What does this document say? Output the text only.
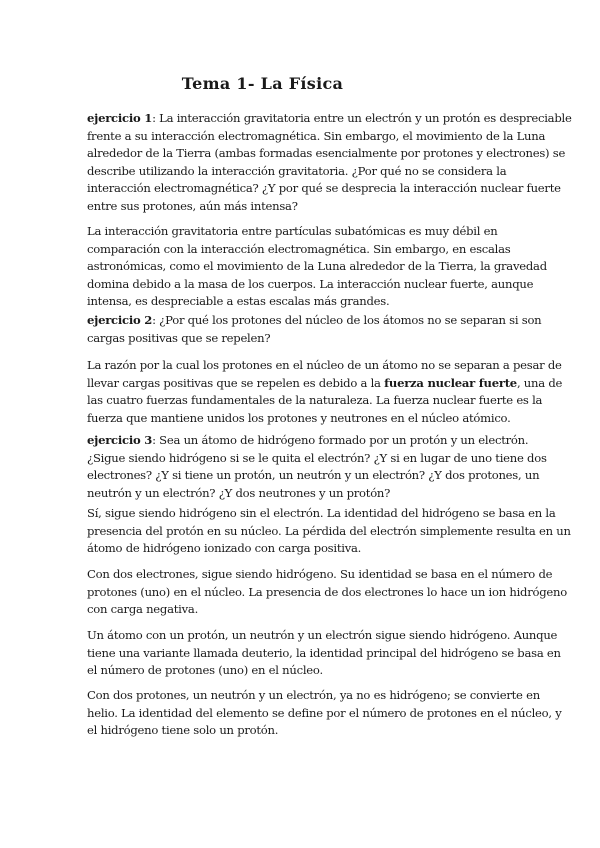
Tema 1- La Física
ejercicio 1: La interacción gravitatoria entre un electrón y un protón es despreciable
frente a su interacción electromagnética. Sin embargo, el movimiento de la Luna
alrededor de la Tierra (ambas formadas esencialmente por protones y electrones) se
describe utilizando la interacción gravitatoria. ¿Por qué no se considera la
interacción electromagnética? ¿Y por qué se desprecia la interacción nuclear fuerte
entre sus protones, aún más intensa?
La interacción gravitatoria entre partículas subatómicas es muy débil en
comparación con la interacción electromagnética. Sin embargo, en escalas
astronómicas, como el movimiento de la Luna alrededor de la Tierra, la gravedad
domina debido a la masa de los cuerpos. La interacción nuclear fuerte, aunque
intensa, es despreciable a estas escalas más grandes.
ejercicio 2: ¿Por qué los protones del núcleo de los átomos no se separan si son
cargas positivas que se repelen?
La razón por la cual los protones en el núcleo de un átomo no se separan a pesar de
llevar cargas positivas que se repelen es debido a la fuerza nuclear fuerte, una de
las cuatro fuerzas fundamentales de la naturaleza. La fuerza nuclear fuerte es la
fuerza que mantiene unidos los protones y neutrones en el núcleo atómico.
ejercicio 3: Sea un átomo de hidrógeno formado por un protón y un electrón.
¿Sigue siendo hidrógeno si se le quita el electrón? ¿Y si en lugar de uno tiene dos
electrones? ¿Y si tiene un protón, un neutrón y un electrón? ¿Y dos protones, un
neutrón y un electrón? ¿Y dos neutrones y un protón?
Sí, sigue siendo hidrógeno sin el electrón. La identidad del hidrógeno se basa en la
presencia del protón en su núcleo. La pérdida del electrón simplemente resulta en un
átomo de hidrógeno ionizado con carga positiva.
Con dos electrones, sigue siendo hidrógeno. Su identidad se basa en el número de
protones (uno) en el núcleo. La presencia de dos electrones lo hace un ion hidrógeno
con carga negativa.
Un átomo con un protón, un neutrón y un electrón sigue siendo hidrógeno. Aunque
tiene una variante llamada deuterio, la identidad principal del hidrógeno se basa en
el número de protones (uno) en el núcleo.
Con dos protones, un neutrón y un electrón, ya no es hidrógeno; se convierte en
helio. La identidad del elemento se define por el número de protones en el núcleo, y
el hidrógeno tiene solo un protón.
